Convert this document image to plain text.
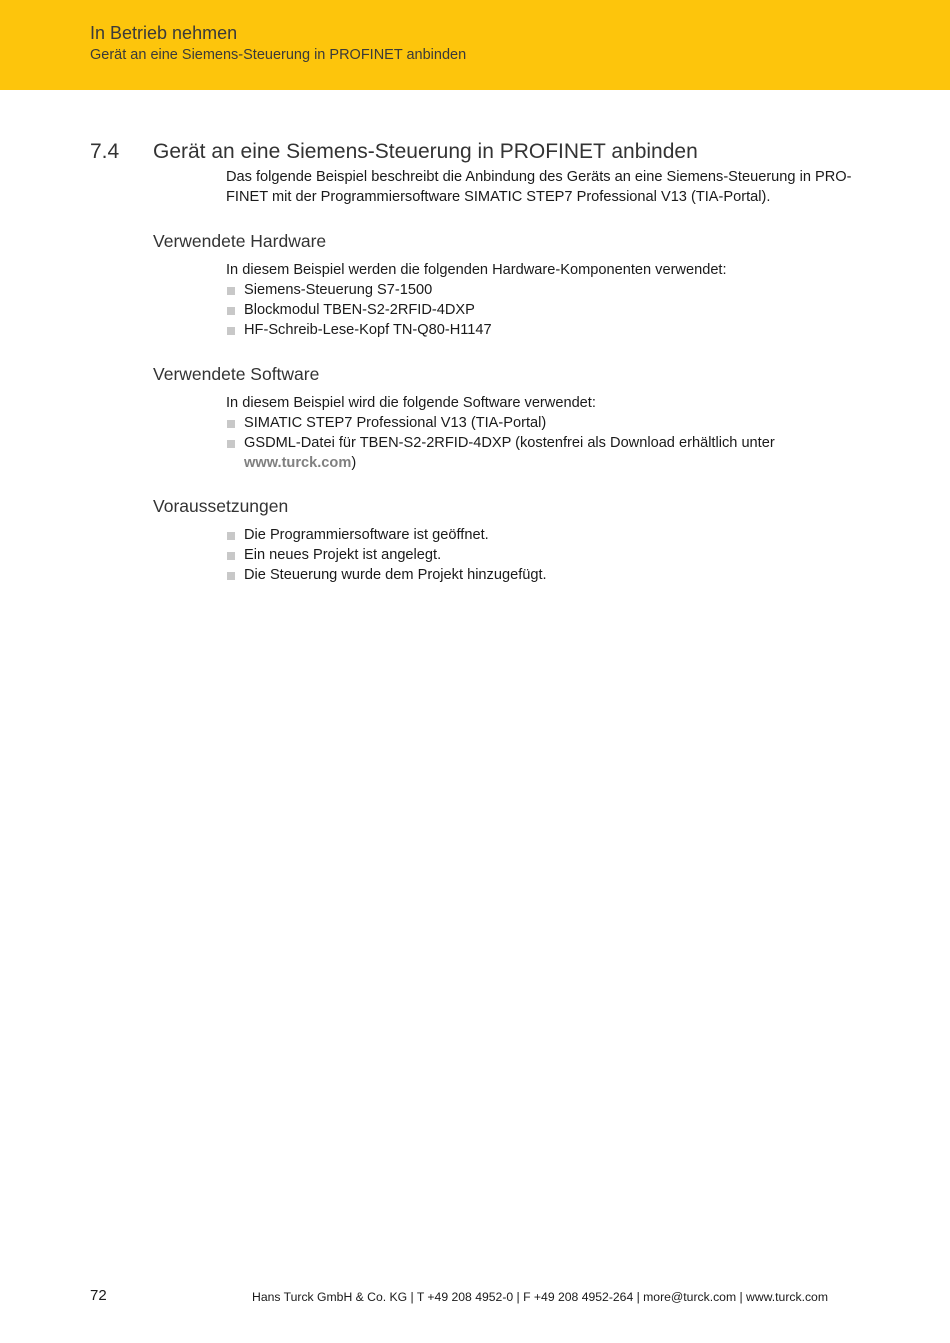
In Betrieb nehmen
Gerät an eine Siemens-Steuerung in PROFINET anbinden
7.4 Gerät an eine Siemens-Steuerung in PROFINET anbinden
Das folgende Beispiel beschreibt die Anbindung des Geräts an eine Siemens-Steuerung in PRO-FINET mit der Programmiersoftware SIMATIC STEP7 Professional V13 (TIA-Portal).
Verwendete Hardware
In diesem Beispiel werden die folgenden Hardware-Komponenten verwendet:
Siemens-Steuerung S7-1500
Blockmodul TBEN-S2-2RFID-4DXP
HF-Schreib-Lese-Kopf TN-Q80-H1147
Verwendete Software
In diesem Beispiel wird die folgende Software verwendet:
SIMATIC STEP7 Professional V13 (TIA-Portal)
GSDML-Datei für TBEN-S2-2RFID-4DXP (kostenfrei als Download erhältlich unter www.turck.com)
Voraussetzungen
Die Programmiersoftware ist geöffnet.
Ein neues Projekt ist angelegt.
Die Steuerung wurde dem Projekt hinzugefügt.
72	Hans Turck GmbH & Co. KG | T +49 208 4952-0 | F +49 208 4952-264 | more@turck.com | www.turck.com
